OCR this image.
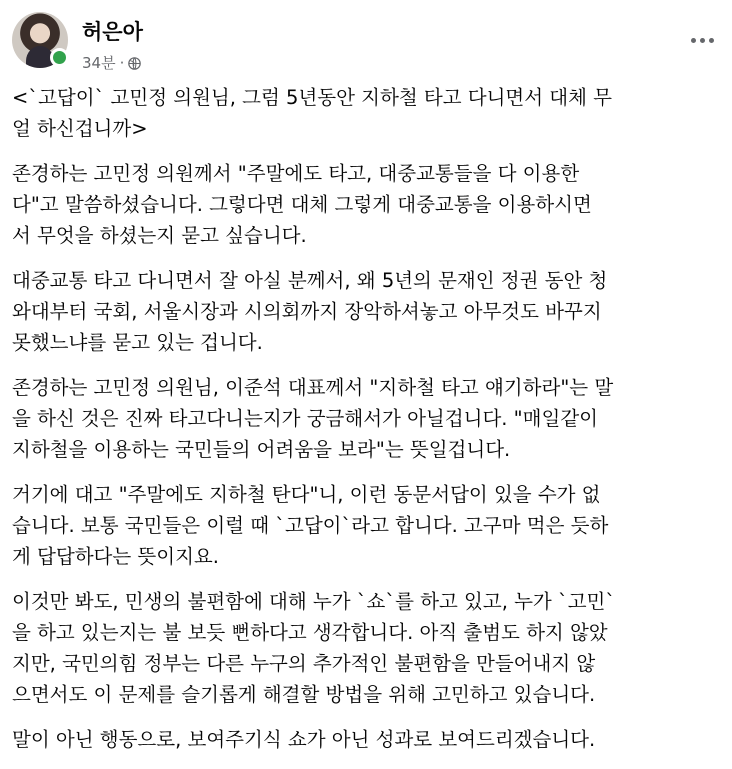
허은아
34분 ·

<`고답이` 고민정 의원님, 그럼 5년동안 지하철 타고 다니면서 대체 무
얼 하신겁니까>

존경하는 고민정 의원께서 "주말에도 타고, 대중교통들을 다 이용한
다"고 말씀하셨습니다. 그렇다면 대체 그렇게 대중교통을 이용하시면
서 무엇을 하셨는지 묻고 싶습니다.

대중교통 타고 다니면서 잘 아실 분께서, 왜 5년의 문재인 정권 동안 청
와대부터 국회, 서울시장과 시의회까지 장악하셔놓고 아무것도 바꾸지
못했느냐를 묻고 있는 겁니다.

존경하는 고민정 의원님, 이준석 대표께서 "지하철 타고 얘기하라"는 말
을 하신 것은 진짜 타고다니는지가 궁금해서가 아닐겁니다. "매일같이
지하철을 이용하는 국민들의 어려움을 보라"는 뜻일겁니다.

거기에 대고 "주말에도 지하철 탄다"니, 이런 동문서답이 있을 수가 없
습니다. 보통 국민들은 이럴 때 `고답이`라고 합니다. 고구마 먹은 듯하
게 답답하다는 뜻이지요.

이것만 봐도, 민생의 불편함에 대해 누가 `쇼`를 하고 있고, 누가 `고민`
을 하고 있는지는 불 보듯 뻔하다고 생각합니다. 아직 출범도 하지 않았
지만, 국민의힘 정부는 다른 누구의 추가적인 불편함을 만들어내지 않
으면서도 이 문제를 슬기롭게 해결할 방법을 위해 고민하고 있습니다.

말이 아닌 행동으로, 보여주기식 쇼가 아닌 성과로 보여드리겠습니다.
